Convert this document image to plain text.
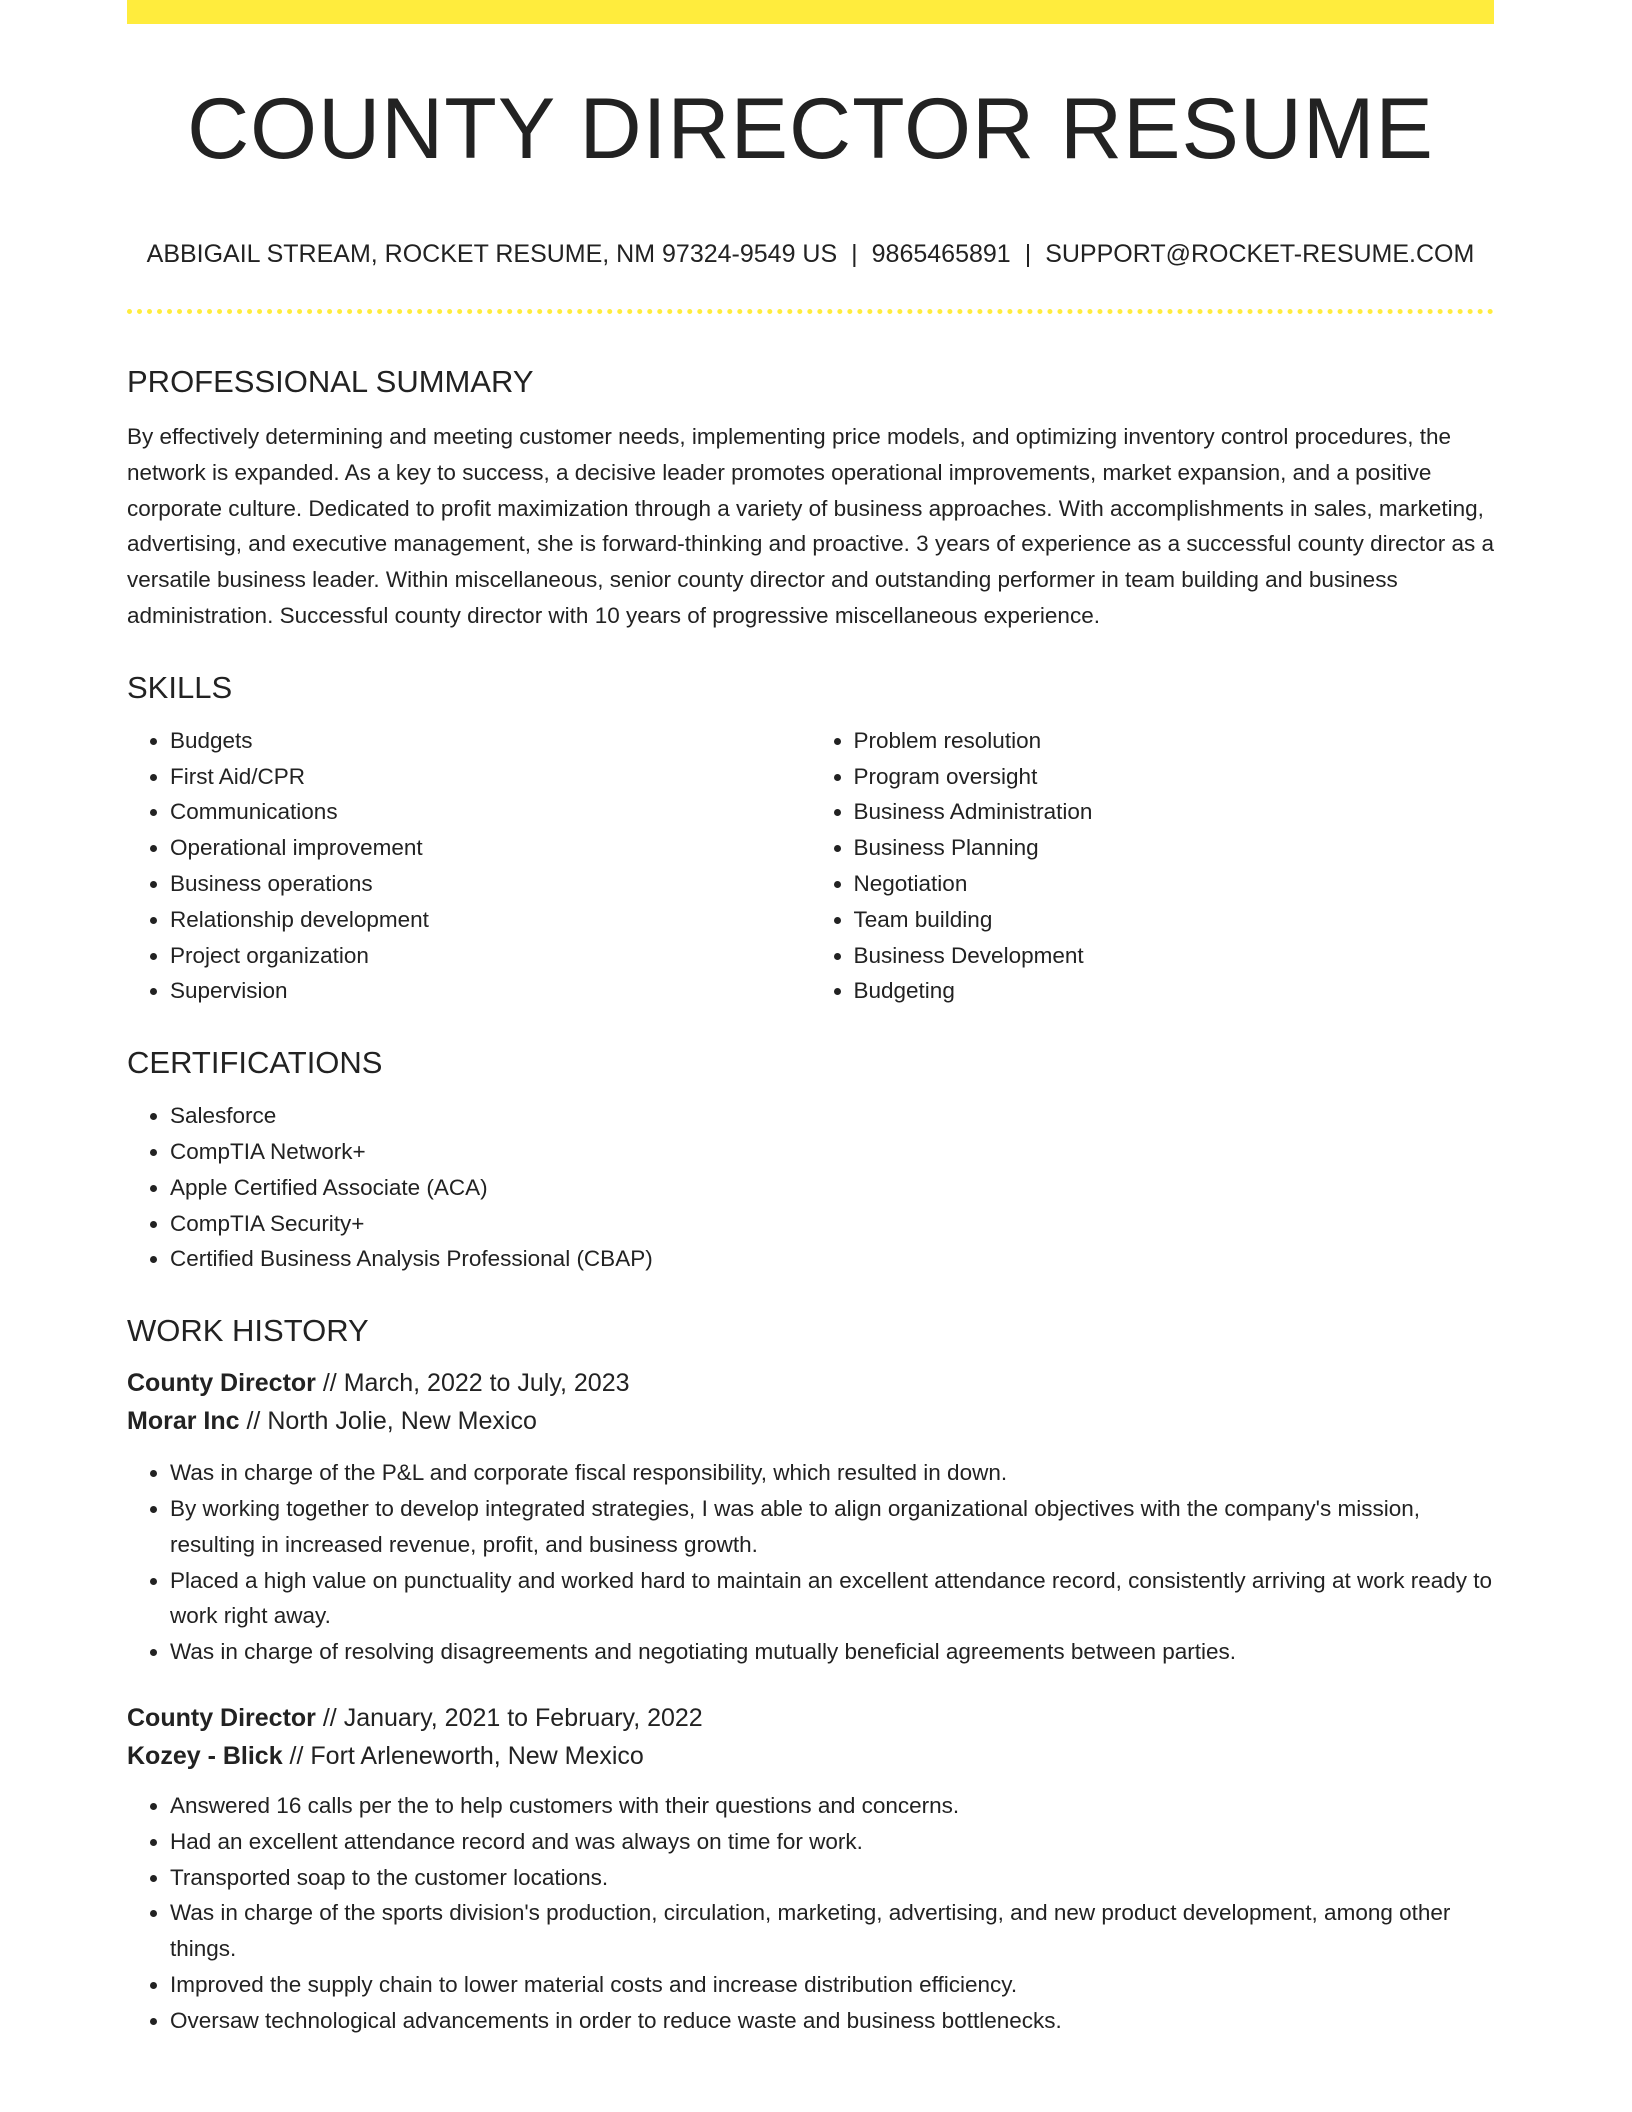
COUNTY DIRECTOR RESUME
ABBIGAIL STREAM, ROCKET RESUME, NM 97324-9549 US | 9865465891 | SUPPORT@ROCKET-RESUME.COM
PROFESSIONAL SUMMARY

By effectively determining and meeting customer needs, implementing price models, and optimizing inventory control procedures, the network is expanded. As a key to success, a decisive leader promotes operational improvements, market expansion, and a positive corporate culture. Dedicated to profit maximization through a variety of business approaches. With accomplishments in sales, marketing, advertising, and executive management, she is forward-thinking and proactive. 3 years of experience as a successful county director as a versatile business leader. Within miscellaneous, senior county director and outstanding performer in team building and business administration. Successful county director with 10 years of progressive miscellaneous experience.

SKILLS
• Budgets
• First Aid/CPR
• Communications
• Operational improvement
• Business operations
• Relationship development
• Project organization
• Supervision
• Problem resolution
• Program oversight
• Business Administration
• Business Planning
• Negotiation
• Team building
• Business Development
• Budgeting
CERTIFICATIONS
• Salesforce
• CompTIA Network+
• Apple Certified Associate (ACA)
• CompTIA Security+
• Certified Business Analysis Professional (CBAP)
WORK HISTORY
County Director // March, 2022 to July, 2023
Morar Inc // North Jolie, New Mexico
• Was in charge of the P&L and corporate fiscal responsibility, which resulted in down.
• By working together to develop integrated strategies, I was able to align organizational objectives with the company's mission, resulting in increased revenue, profit, and business growth.
• Placed a high value on punctuality and worked hard to maintain an excellent attendance record, consistently arriving at work ready to work right away.
• Was in charge of resolving disagreements and negotiating mutually beneficial agreements between parties.
County Director // January, 2021 to February, 2022
Kozey - Blick // Fort Arleneworth, New Mexico
• Answered 16 calls per the to help customers with their questions and concerns.
• Had an excellent attendance record and was always on time for work.
• Transported soap to the customer locations.
• Was in charge of the sports division's production, circulation, marketing, advertising, and new product development, among other things.
• Improved the supply chain to lower material costs and increase distribution efficiency.
• Oversaw technological advancements in order to reduce waste and business bottlenecks.
